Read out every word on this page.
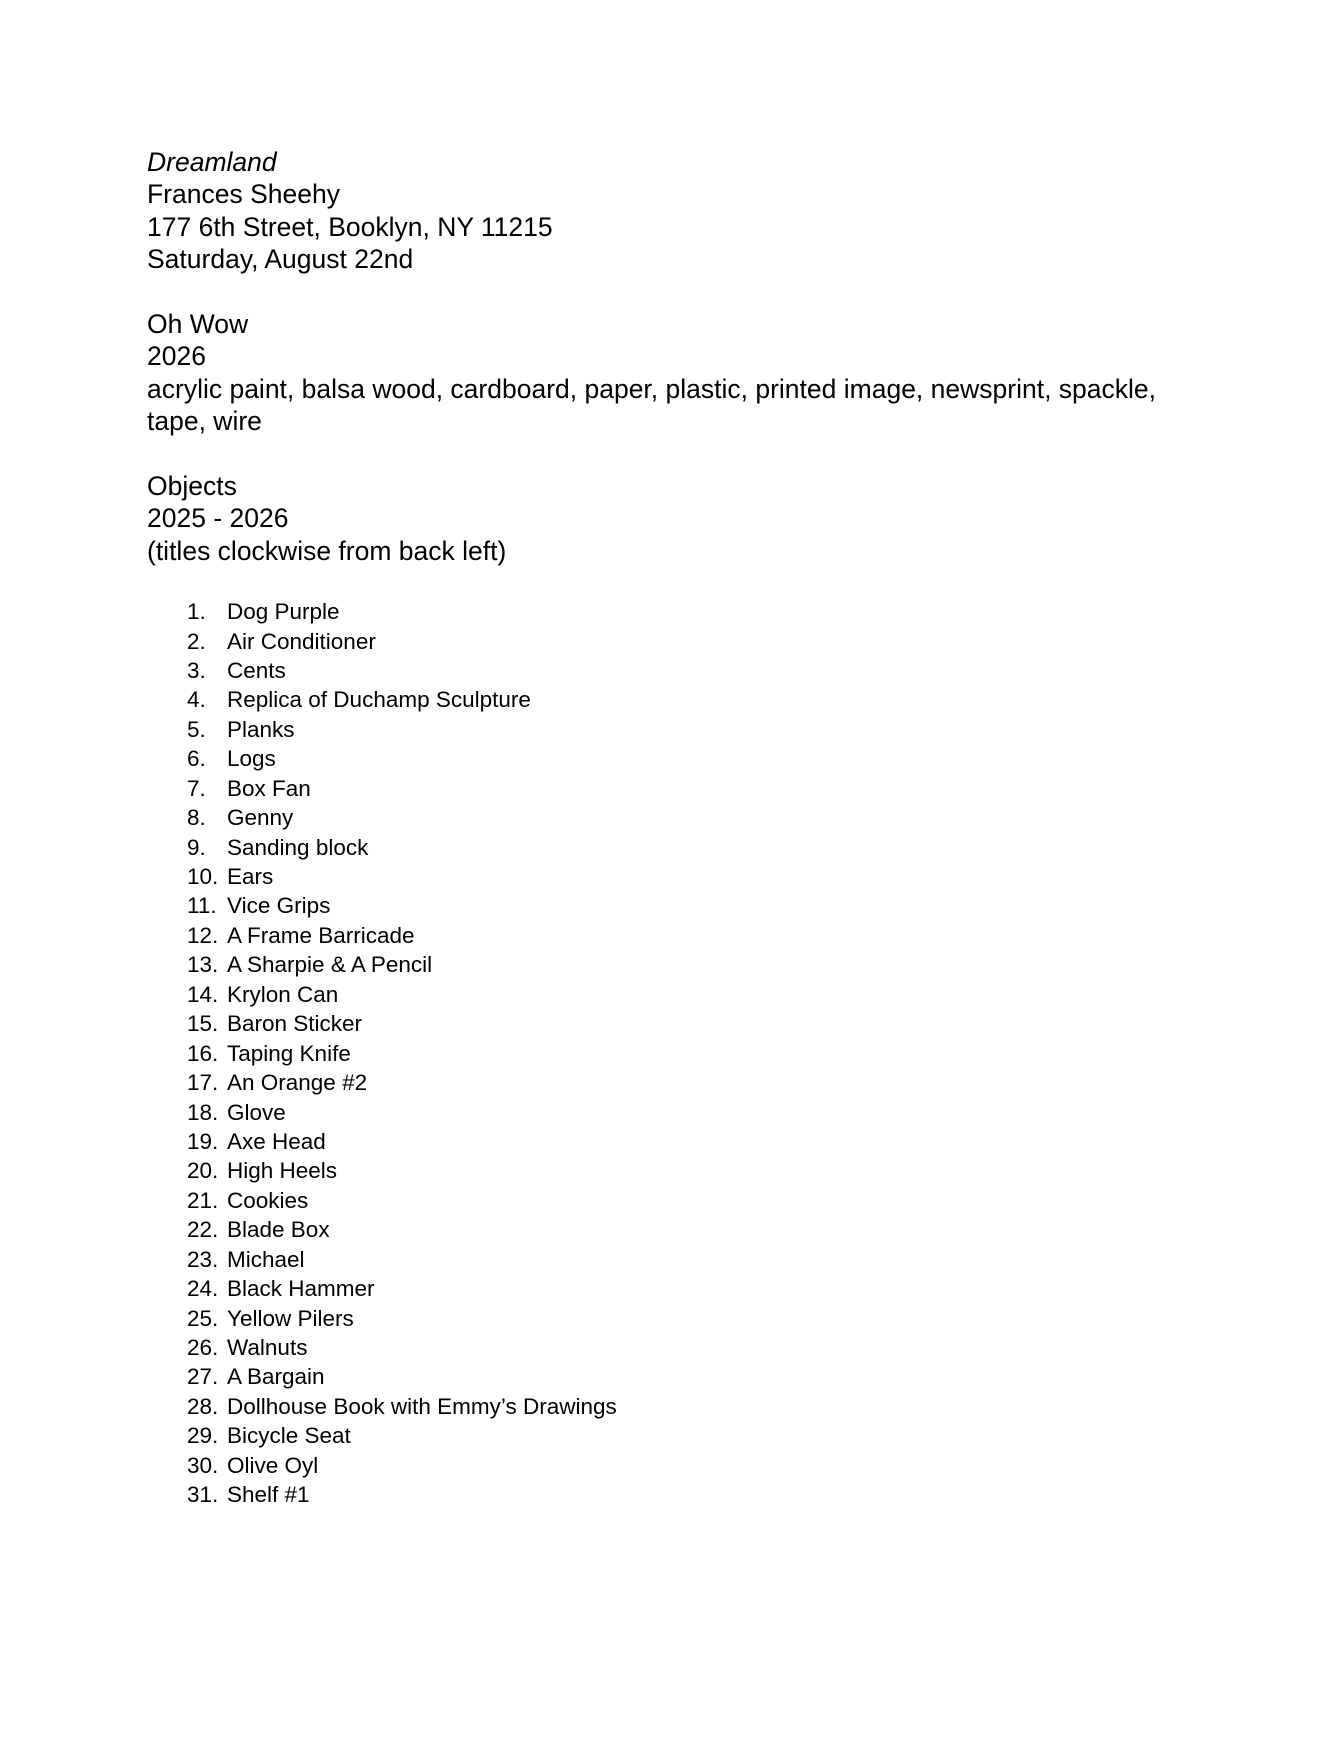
Dreamland
Frances Sheehy
177 6th Street, Booklyn, NY 11215
Saturday, August 22nd
Oh Wow
2026
acrylic paint, balsa wood, cardboard, paper, plastic, printed image, newsprint, spackle, tape, wire
Objects
2025 - 2026
(titles clockwise from back left)
1. Dog Purple
2. Air Conditioner
3. Cents
4. Replica of Duchamp Sculpture
5. Planks
6. Logs
7. Box Fan
8. Genny
9. Sanding block
10. Ears
11. Vice Grips
12. A Frame Barricade
13. A Sharpie & A Pencil
14. Krylon Can
15. Baron Sticker
16. Taping Knife
17. An Orange #2
18. Glove
19. Axe Head
20. High Heels
21. Cookies
22. Blade Box
23. Michael
24. Black Hammer
25. Yellow Pilers
26. Walnuts
27. A Bargain
28. Dollhouse Book with Emmy’s Drawings
29. Bicycle Seat
30. Olive Oyl
31. Shelf #1
